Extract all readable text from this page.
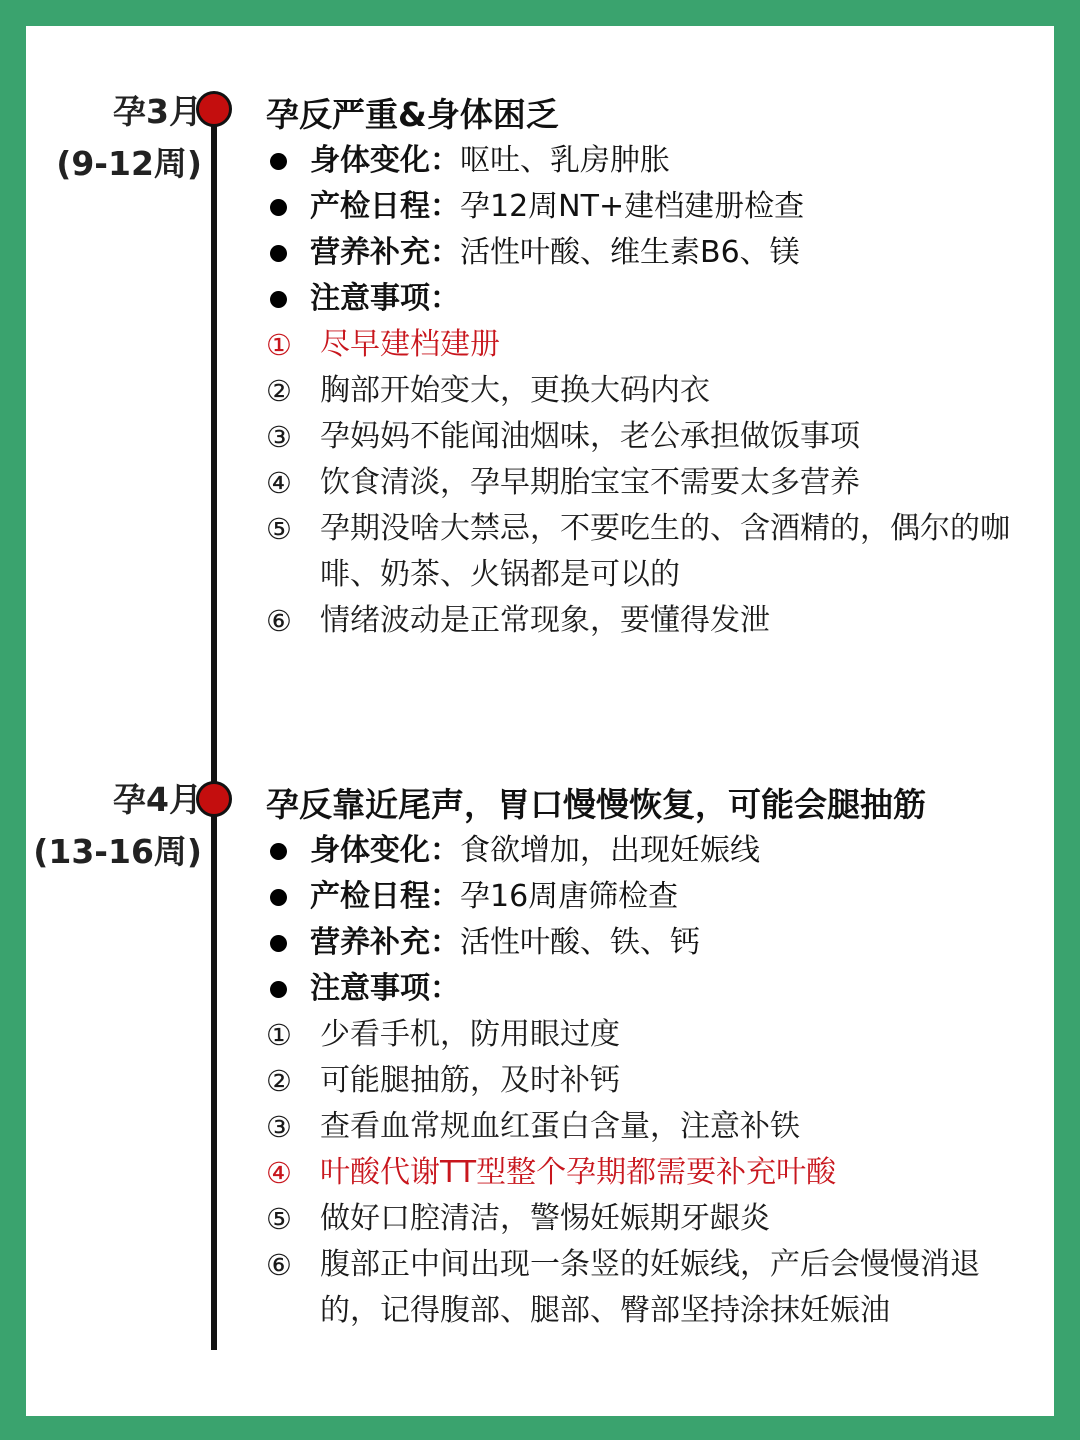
孕3月
(9-12周)
孕反严重&身体困乏
身体变化： 呕吐、乳房肿胀
产检日程： 孕12周NT+建档建册检查
营养补充： 活性叶酸、维生素B6、镁
注意事项：
① 尽早建档建册
② 胸部开始变大，更换大码内衣
③ 孕妈妈不能闻油烟味，老公承担做饭事项
④ 饮食清淡，孕早期胎宝宝不需要太多营养
⑤ 孕期没啥大禁忌，不要吃生的、含酒精的，偶尔的咖啡、奶茶、火锅都是可以的
⑥ 情绪波动是正常现象，要懂得发泄
孕4月
(13-16周)
孕反靠近尾声，胃口慢慢恢复，可能会腿抽筋
身体变化： 食欲增加，出现妊娠线
产检日程： 孕16周唐筛检查
营养补充： 活性叶酸、铁、钙
注意事项：
① 少看手机，防用眼过度
② 可能腿抽筋，及时补钙
③ 查看血常规血红蛋白含量，注意补铁
④ 叶酸代谢TT型整个孕期都需要补充叶酸
⑤ 做好口腔清洁，警惕妊娠期牙龈炎
⑥ 腹部正中间出现一条竖的妊娠线，产后会慢慢消退的，记得腹部、腿部、臀部坚持涂抹妊娠油
